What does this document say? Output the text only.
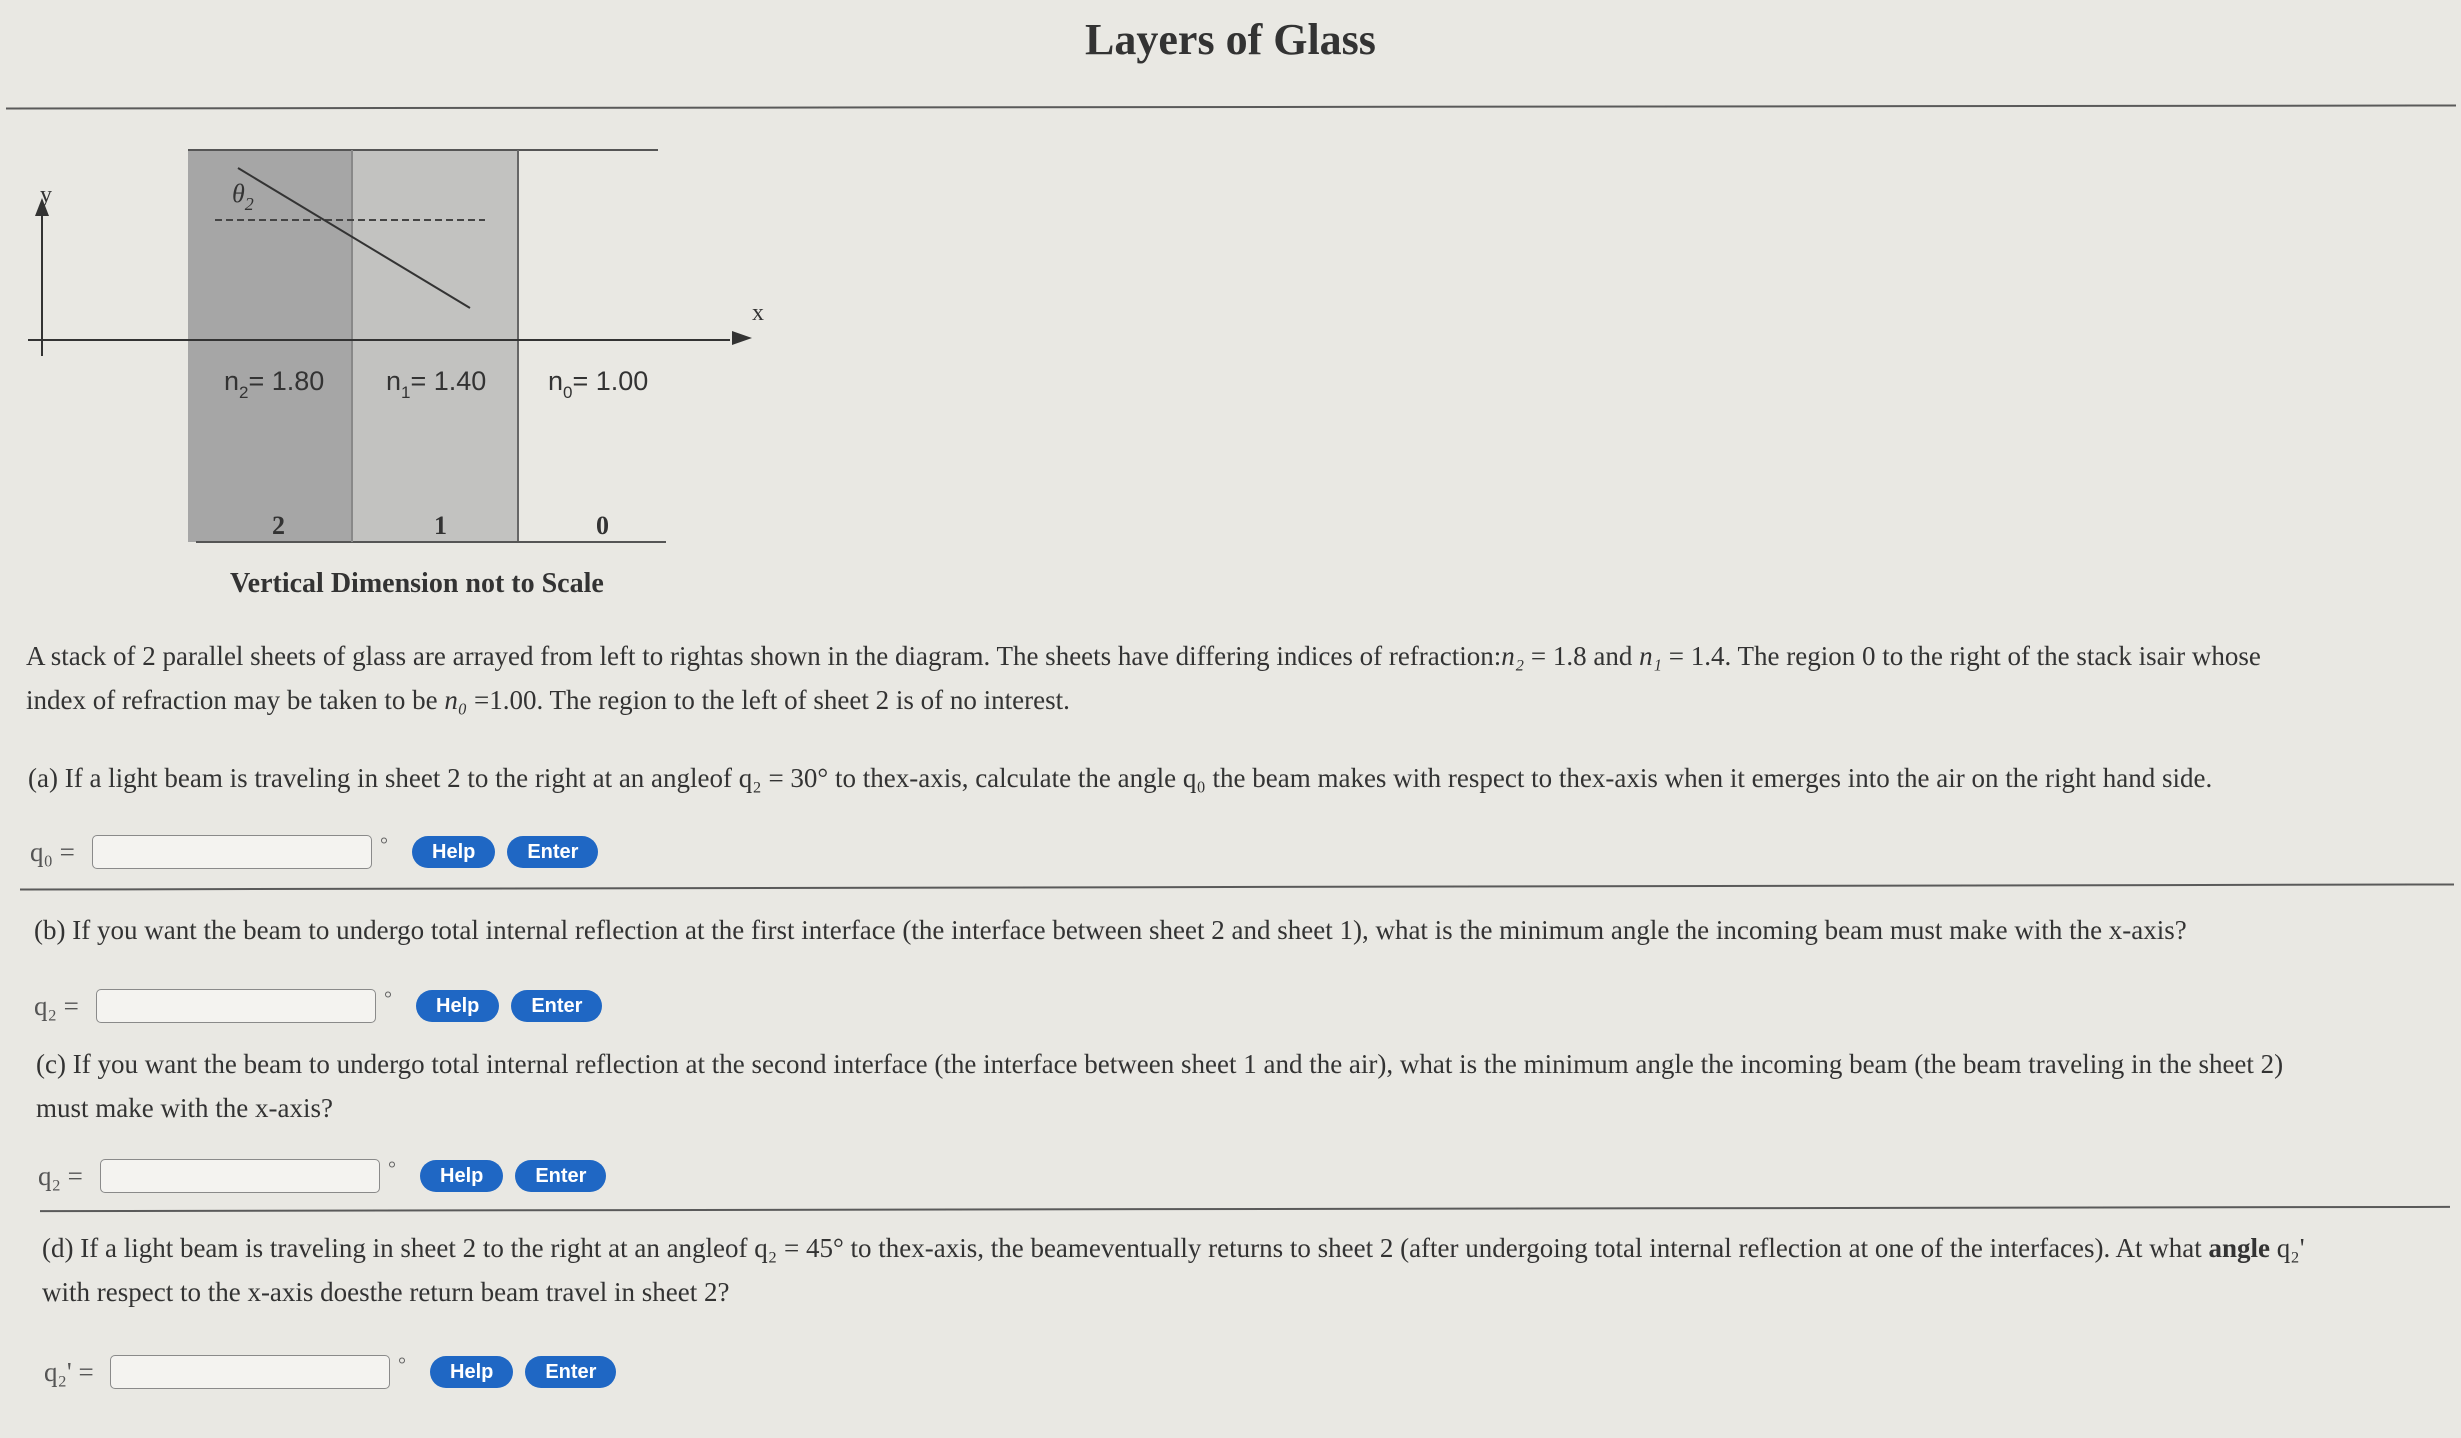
Layers of Glass
y
x
$\theta_2$
$n_2= 1.80$ $n_1= 1.40$ $n_0= 1.00$
2	1	0
Vertical Dimension not to Scale
A stack of 2 parallel sheets of glass are arrayed from left to rightas shown in the diagram. The sheets have differing indices of refraction:n₂ = 1.8 and n₁ = 1.4. The region 0 to the right of the stack isair whose
index of refraction may be taken to be n₀ =1.00. The region to the left of sheet 2 is of no interest.
(a) If a light beam is traveling in sheet 2 to the right at an angleof q₂ = 30° to thex-axis, calculate the angle q₀ the beam makes with respect to thex-axis when it emerges into the air on the right hand side.
q₀ =	°	Help	Enter
(b) If you want the beam to undergo total internal reflection at the first interface (the interface between sheet 2 and sheet 1), what is the minimum angle the incoming beam must make with the x-axis?
q₂ =	°	Help	Enter
(c) If you want the beam to undergo total internal reflection at the second interface (the interface between sheet 1 and the air), what is the minimum angle the incoming beam (the beam traveling in the sheet 2)
must make with the x-axis?
q₂ =	°	Help	Enter
(d) If a light beam is traveling in sheet 2 to the right at an angleof q₂ = 45° to thex-axis, the beameventually returns to sheet 2 (after undergoing total internal reflection at one of the interfaces). At what angle q₂'
with respect to the x-axis doesthe return beam travel in sheet 2?
q₂' =	°	Help	Enter
